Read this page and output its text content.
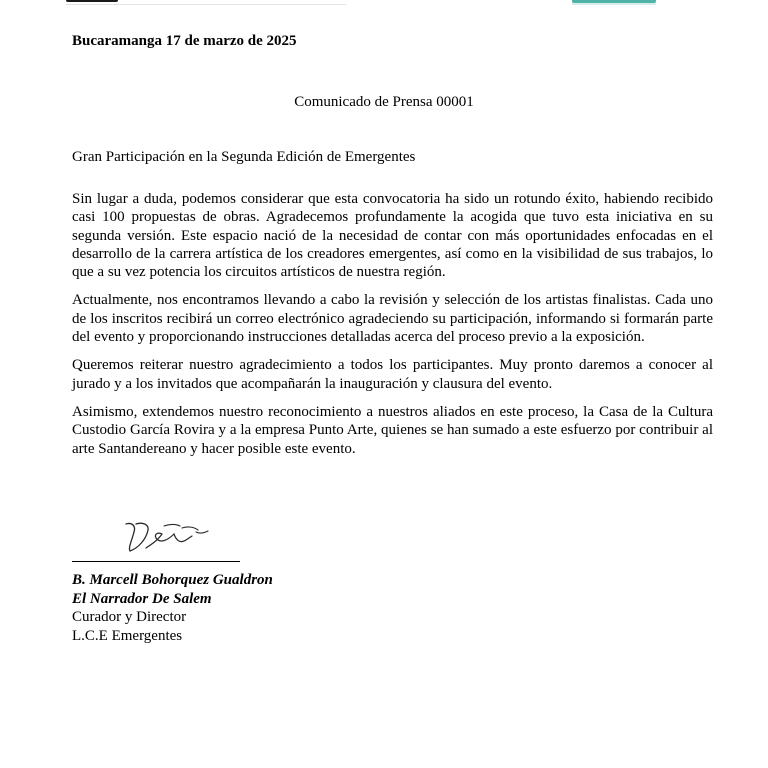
Bucaramanga 17 de marzo de 2025
Comunicado de Prensa 00001
Gran Participación en la Segunda Edición de Emergentes

Sin lugar a duda, podemos considerar que esta convocatoria ha sido un rotundo éxito, habiendo recibido casi 100 propuestas de obras. Agradecemos profundamente la acogida que tuvo esta iniciativa en su segunda versión. Este espacio nació de la necesidad de contar con más oportunidades enfocadas en el desarrollo de la carrera artística de los creadores emergentes, así como en la visibilidad de sus trabajos, lo que a su vez potencia los circuitos artísticos de nuestra región.

Actualmente, nos encontramos llevando a cabo la revisión y selección de los artistas finalistas. Cada uno de los inscritos recibirá un correo electrónico agradeciendo su participación, informando si formarán parte del evento y proporcionando instrucciones detalladas acerca del proceso previo a la exposición.

Queremos reiterar nuestro agradecimiento a todos los participantes. Muy pronto daremos a conocer al jurado y a los invitados que acompañarán la inauguración y clausura del evento.

Asimismo, extendemos nuestro reconocimiento a nuestros aliados en este proceso, la Casa de la Cultura Custodio García Rovira y a la empresa Punto Arte, quienes se han sumado a este esfuerzo por contribuir al arte Santandereano y hacer posible este evento.

B. Marcell Bohorquez Gualdron
El Narrador De Salem
Curador y Director
L.C.E Emergentes
